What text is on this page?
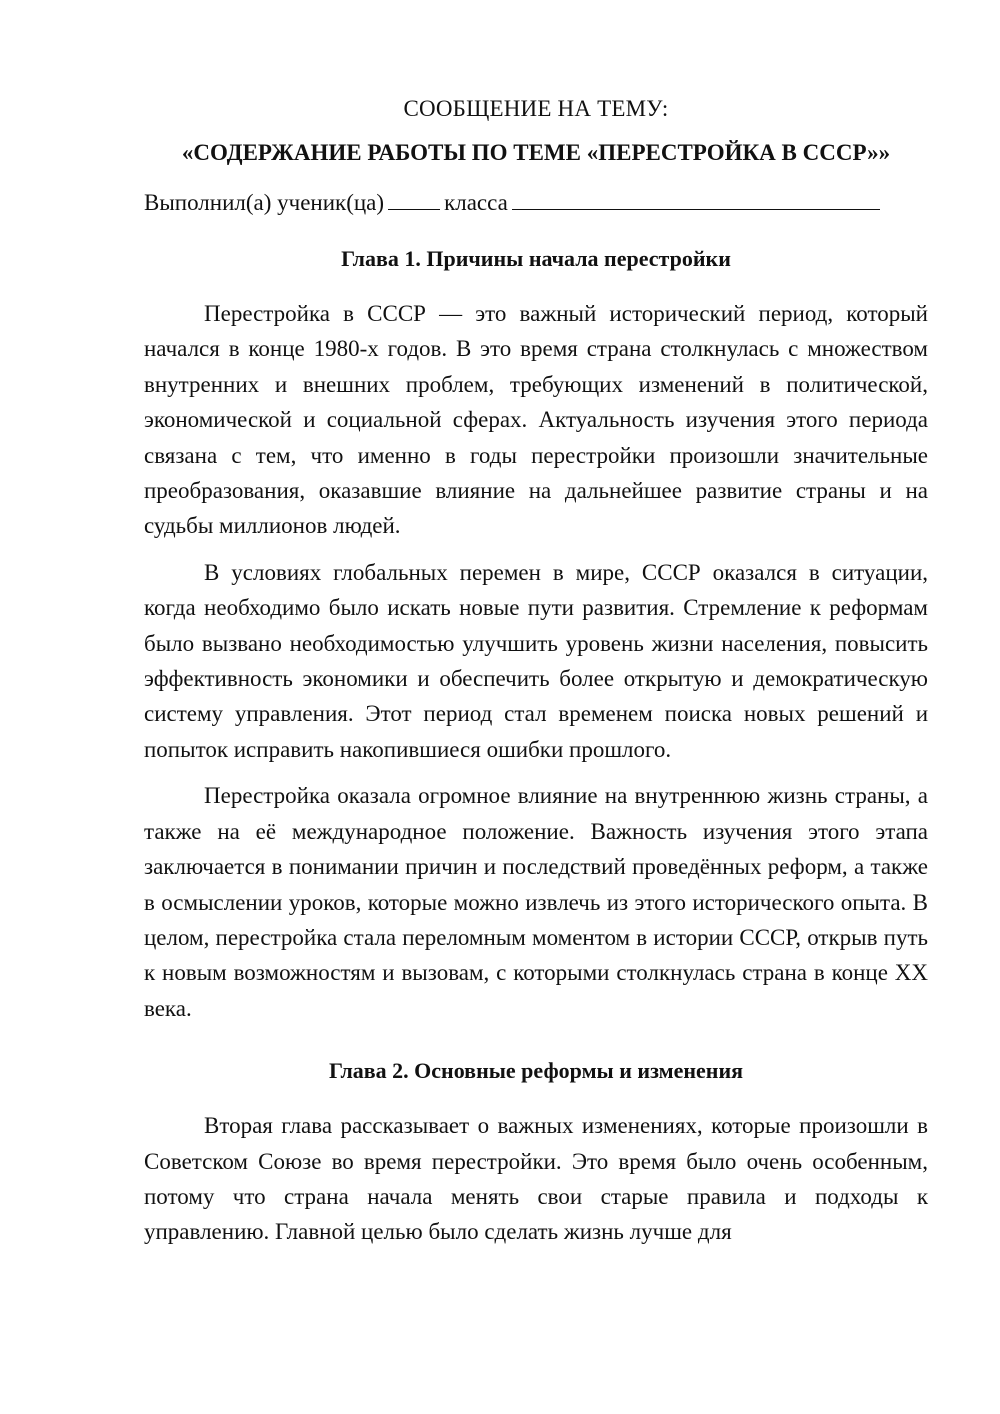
СООБЩЕНИЕ НА ТЕМУ:

«СОДЕРЖАНИЕ РАБОТЫ ПО ТЕМЕ «ПЕРЕСТРОЙКА В СССР»»

Выполнил(а) ученик(ца)	класса
Глава 1. Причины начала перестройки

Перестройка в СССР — это важный исторический период, который начался в конце 1980-х годов. В это время страна столкнулась с множеством внутренних и внешних проблем, требующих изменений в политической, экономической и социальной сферах. Актуальность изучения этого периода связана с тем, что именно в годы перестройки произошли значительные преобразования, оказавшие влияние на дальнейшее развитие страны и на судьбы миллионов людей.

В условиях глобальных перемен в мире, СССР оказался в ситуации, когда необходимо было искать новые пути развития. Стремление к реформам было вызвано необходимостью улучшить уровень жизни населения, повысить эффективность экономики и обеспечить более открытую и демократическую систему управления. Этот период стал временем поиска новых решений и попыток исправить накопившиеся ошибки прошлого.

Перестройка оказала огромное влияние на внутреннюю жизнь страны, а также на её международное положение. Важность изучения этого этапа заключается в понимании причин и последствий проведённых реформ, а также в осмыслении уроков, которые можно извлечь из этого исторического опыта. В целом, перестройка стала переломным моментом в истории СССР, открыв путь к новым возможностям и вызовам, с которыми столкнулась страна в конце XX века.

Глава 2. Основные реформы и изменения

Вторая глава рассказывает о важных изменениях, которые произошли в Советском Союзе во время перестройки. Это время было очень особенным, потому что страна начала менять свои старые правила и подходы к управлению. Главной целью было сделать жизнь лучше для
